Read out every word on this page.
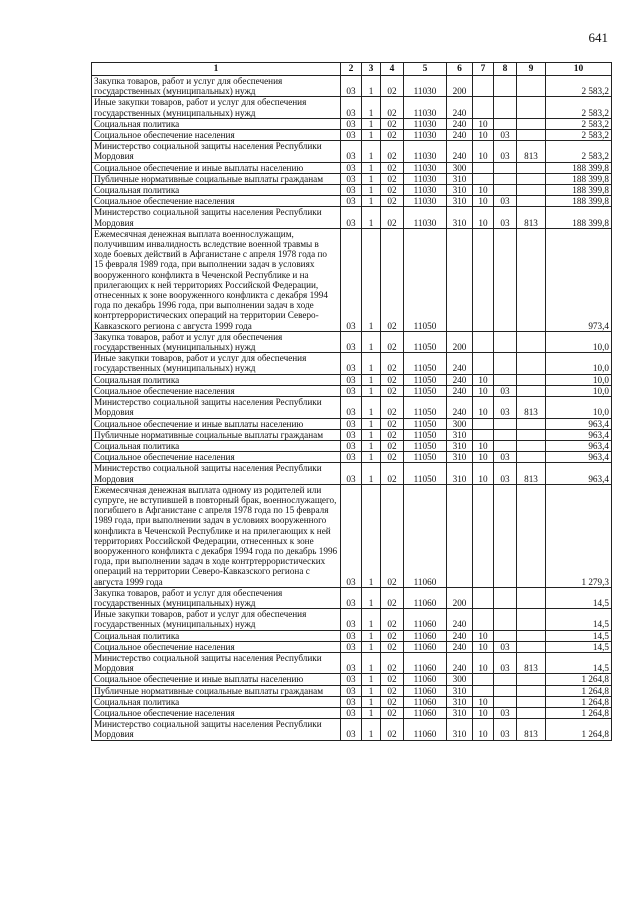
641
1	2	3	4	5	6	7	8	9	10
Закупка товаров, работ и услуг для обеспечения государственных (муниципальных) нужд	03	1	02	11030	200				2 583,2
Иные закупки товаров, работ и услуг для обеспечения государственных (муниципальных) нужд	03	1	02	11030	240				2 583,2
Социальная политика	03	1	02	11030	240	10			2 583,2
Социальное обеспечение населения	03	1	02	11030	240	10	03		2 583,2
Министерство социальной защиты населения Республики Мордовия	03	1	02	11030	240	10	03	813	2 583,2
Социальное обеспечение и иные выплаты населению	03	1	02	11030	300				188 399,8
Публичные нормативные социальные выплаты гражданам	03	1	02	11030	310				188 399,8
Социальная политика	03	1	02	11030	310	10			188 399,8
Социальное обеспечение населения	03	1	02	11030	310	10	03		188 399,8
Министерство социальной защиты населения Республики Мордовия	03	1	02	11030	310	10	03	813	188 399,8
Ежемесячная денежная выплата военнослужащим, получившим инвалидность вследствие военной травмы в ходе боевых действий в Афганистане с апреля 1978 года по 15 февраля 1989 года, при выполнении задач в условиях вооруженного конфликта в Чеченской Республике и на прилегающих к ней территориях Российской Федерации, отнесенных к зоне вооруженного конфликта с декабря 1994 года по декабрь 1996 года, при выполнении задач в ходе контртеррористических операций на территории Северо-Кавказского региона с августа 1999 года	03	1	02	11050					973,4
Закупка товаров, работ и услуг для обеспечения государственных (муниципальных) нужд	03	1	02	11050	200				10,0
Иные закупки товаров, работ и услуг для обеспечения государственных (муниципальных) нужд	03	1	02	11050	240				10,0
Социальная политика	03	1	02	11050	240	10			10,0
Социальное обеспечение населения	03	1	02	11050	240	10	03		10,0
Министерство социальной защиты населения Республики Мордовия	03	1	02	11050	240	10	03	813	10,0
Социальное обеспечение и иные выплаты населению	03	1	02	11050	300				963,4
Публичные нормативные социальные выплаты гражданам	03	1	02	11050	310				963,4
Социальная политика	03	1	02	11050	310	10			963,4
Социальное обеспечение населения	03	1	02	11050	310	10	03		963,4
Министерство социальной защиты населения Республики Мордовия	03	1	02	11050	310	10	03	813	963,4
Ежемесячная денежная выплата одному из родителей или супруге, не вступившей в повторный брак, военнослужащего, погибшего в Афганистане с апреля 1978 года по 15 февраля 1989 года, при выполнении задач в условиях вооруженного конфликта в Чеченской Республике и на прилегающих к ней территориях Российской Федерации, отнесенных к зоне вооруженного конфликта с декабря 1994 года по декабрь 1996 года, при выполнении задач в ходе контртеррористических операций на территории Северо-Кавказского региона с августа 1999 года	03	1	02	11060					1 279,3
Закупка товаров, работ и услуг для обеспечения государственных (муниципальных) нужд	03	1	02	11060	200				14,5
Иные закупки товаров, работ и услуг для обеспечения государственных (муниципальных) нужд	03	1	02	11060	240				14,5
Социальная политика	03	1	02	11060	240	10			14,5
Социальное обеспечение населения	03	1	02	11060	240	10	03		14,5
Министерство социальной защиты населения Республики Мордовия	03	1	02	11060	240	10	03	813	14,5
Социальное обеспечение и иные выплаты населению	03	1	02	11060	300				1 264,8
Публичные нормативные социальные выплаты гражданам	03	1	02	11060	310				1 264,8
Социальная политика	03	1	02	11060	310	10			1 264,8
Социальное обеспечение населения	03	1	02	11060	310	10	03		1 264,8
Министерство социальной защиты населения Республики Мордовия	03	1	02	11060	310	10	03	813	1 264,8
